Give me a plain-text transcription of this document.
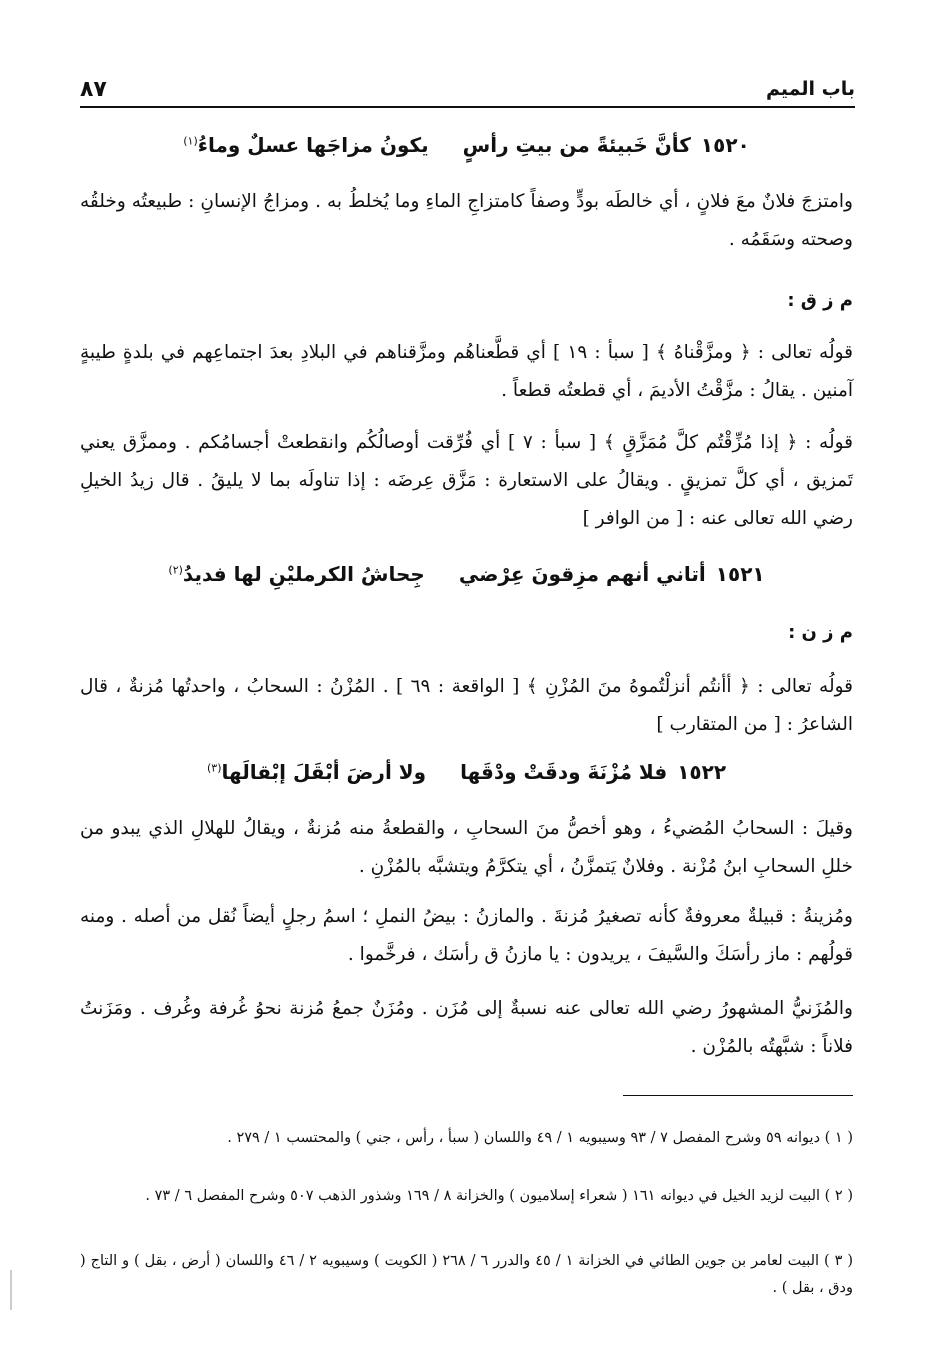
باب الميم
٨٧
١٥٢٠كأنَّ خَبيئةً من بيتِ رأسٍ
يكونُ مزاجَها عسلٌ وماءُ$^{(١)}$
وامتزجَ فلانٌ معَ فلانٍ ، أي خالطَه بودٍّ وصفاً كامتزاجِ الماءِ وما يُخلطُ به . ومزاجُ الإنسانِ : طبيعتُه وخلقُه وصحته وسَقَمُه .
م ز ق :
قولُه تعالى : ﴿ ومزَّقْناهُ ﴾ [ سبأ : ١٩ ] أي قطَّعناهُم ومزَّقناهم في البلادِ بعدَ اجتماعِهم في بلدةٍ طيبةٍ آمنين . يقالُ : مزَّقْتُ الأديمَ ، أي قطعتُه قطعاً .
قولُه : ﴿ إذا مُزِّقْتُم كلَّ مُمَزَّقٍ ﴾ [ سبأ : ٧ ] أي فُرِّقت أوصالُكُم وانقطعتْ أجسامُكم . وممزَّق يعني تَمزيق ، أي كلَّ تمزيقٍ . ويقالُ على الاستعارة : مَزَّق عِرضَه : إذا تناولَه بما لا يليقُ . قال زيدُ الخيلِ رضي الله تعالى عنه : [ من الوافر ]
١٥٢١أتاني أنهم مزِقونَ عِرْضي
جِحاشُ الكرمليْنِ لها فديدُ$^{(٢)}$
م ز ن :
قولُه تعالى : ﴿ أأنتُم أنزلْتُموهُ منَ المُزْنِ ﴾ [ الواقعة : ٦٩ ] . المُزْنُ : السحابُ ، واحدتُها مُزنةٌ ، قال الشاعرُ : [ من المتقارب ]
١٥٢٢فلا مُزْنَةَ ودقَتْ ودْقَها
ولا أرضَ أبْقَلَ إبْقالَها$^{(٣)}$
وقيلَ : السحابُ المُضيءُ ، وهو أخصُّ منَ السحابِ ، والقطعةُ منه مُزنةٌ ، ويقالُ للهلالِ الذي يبدو من خللِ السحابِ ابنُ مُزْنة . وفلانٌ يَتمزَّنُ ، أي يتكرَّمُ ويتشبَّه بالمُزْنِ .
ومُزينةُ : قبيلةٌ معروفةٌ كأنه تصغيرُ مُزنةَ . والمازنُ : بيضُ النملِ ؛ اسمُ رجلٍ أيضاً نُقل من أصله . ومنه قولُهم : ماز رأسَكَ والسَّيفَ ، يريدون : يا مازنُ ق رأسَك ، فرخَّموا .
والمُزَنيُّ المشهورُ رضي الله تعالى عنه نسبةٌ إلى مُزَن . ومُزَنٌ جمعُ مُزنة نحوُ غُرفة وغُرف . ومَزَنتُ فلاناً : شبَّهتُه بالمُزْن .
( ١ ) ديوانه ٥٩ وشرح المفصل ٧ / ٩٣ وسيبويه ١ / ٤٩ واللسان ( سبأ ، رأس ، جني ) والمحتسب ١ / ٢٧٩ .
( ٢ ) البيت لزيد الخيل في ديوانه ١٦١ ( شعراء إسلاميون ) والخزانة ٨ / ١٦٩ وشذور الذهب ٥٠٧ وشرح المفصل ٦ / ٧٣ .
( ٣ ) البيت لعامر بن جوين الطائي في الخزانة ١ / ٤٥ والدرر ٦ / ٢٦٨ ( الكويت ) وسيبويه ٢ / ٤٦ واللسان ( أرض ، بقل ) و التاج ( ودق ، بقل ) .
